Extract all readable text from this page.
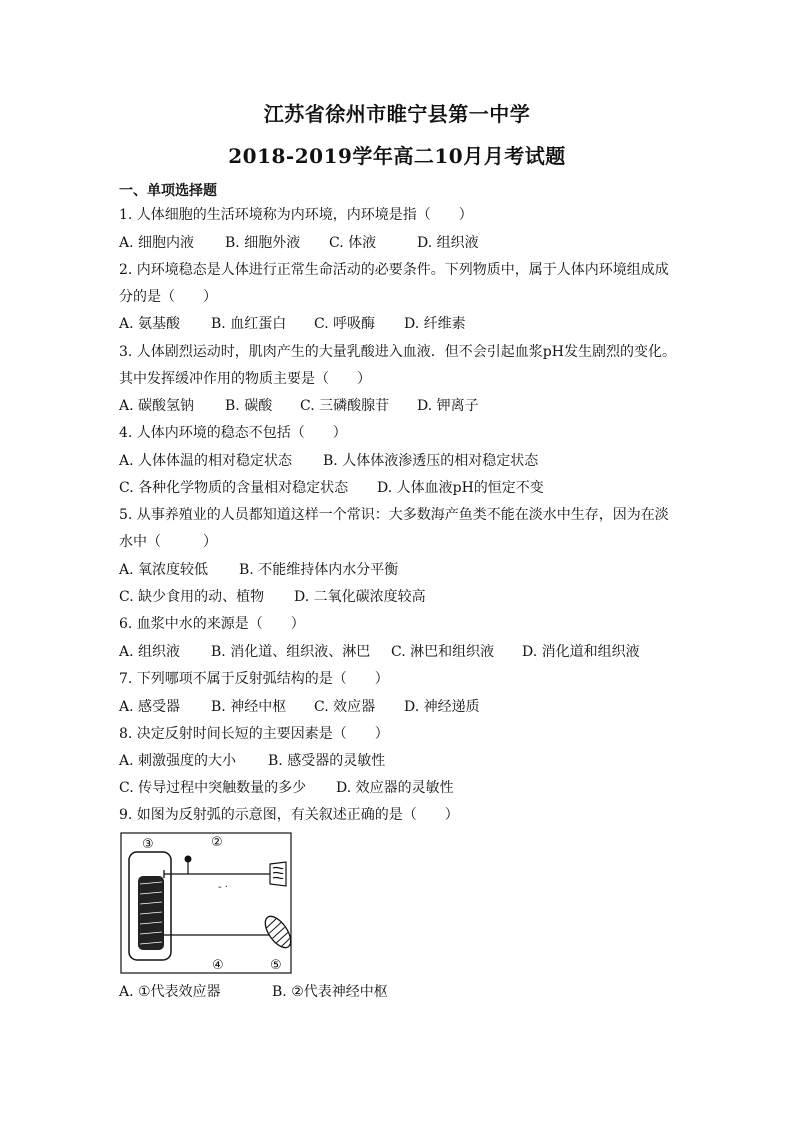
江苏省徐州市睢宁县第一中学
2018-2019学年高二10月月考试题
一、单项选择题
1. 人体细胞的生活环境称为内环境，内环境是指（　　）
A. 细胞内液 B. 细胞外液 C. 体液	D. 组织液
2. 内环境稳态是人体进行正常生命活动的必要条件。下列物质中，属于人体内环境组成成
分的是（　　）
A. 氨基酸 B. 血红蛋白 C. 呼吸酶 D. 纤维素
3. 人体剧烈运动时，肌肉产生的大量乳酸进入血液．但不会引起血浆pH发生剧烈的变化。
其中发挥缓冲作用的物质主要是（　　）
A. 碳酸氢钠 B. 碳酸 C. 三磷酸腺苷 D. 钾离子
4. 人体内环境的稳态不包括（　　）
A. 人体体温的相对稳定状态 B. 人体体液渗透压的相对稳定状态
C. 各种化学物质的含量相对稳定状态 D. 人体血液pH的恒定不变
5. 从事养殖业的人员都知道这样一个常识：大多数海产鱼类不能在淡水中生存，因为在淡
水中（　　　）
A. 氧浓度较低 B. 不能维持体内水分平衡
C. 缺少食用的动、植物 D. 二氧化碳浓度较高
6. 血浆中水的来源是（　　）
A. 组织液 B. 消化道、组织液、淋巴 C. 淋巴和组织液 D. 消化道和组织液
7. 下列哪项不属于反射弧结构的是（　　）
A. 感受器 B. 神经中枢 C. 效应器 D. 神经递质
8. 决定反射时间长短的主要因素是（　　）
A. 刺激强度的大小 B. 感受器的灵敏性
C. 传导过程中突触数量的多少 D. 效应器的灵敏性
9. 如图为反射弧的示意图，有关叙述正确的是（　　）
- ·
③	②
④	⑤
A. ①代表效应器	B. ②代表神经中枢
